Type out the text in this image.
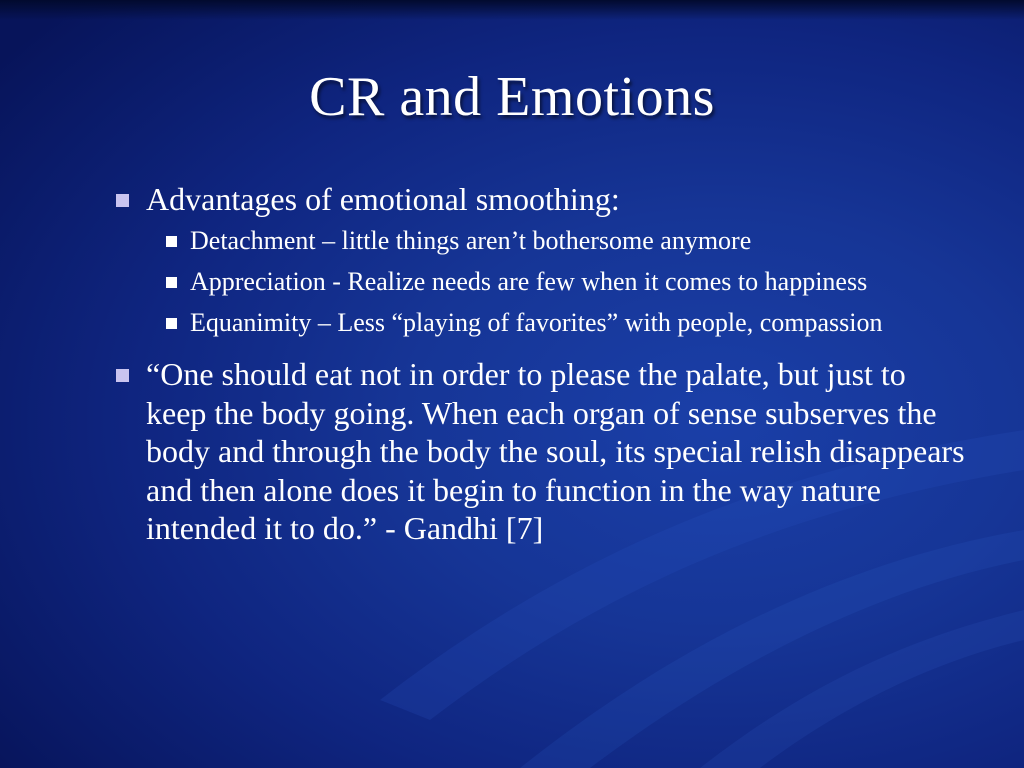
CR and Emotions
Advantages of emotional smoothing:
Detachment – little things aren’t bothersome anymore
Appreciation - Realize needs are few when it comes to happiness
Equanimity – Less “playing of favorites” with people, compassion
“One should eat not in order to please the palate, but just to keep the body going. When each organ of sense subserves the body and through the body the soul, its special relish disappears and then alone does it begin to function in the way nature intended it to do.” - Gandhi [7]
